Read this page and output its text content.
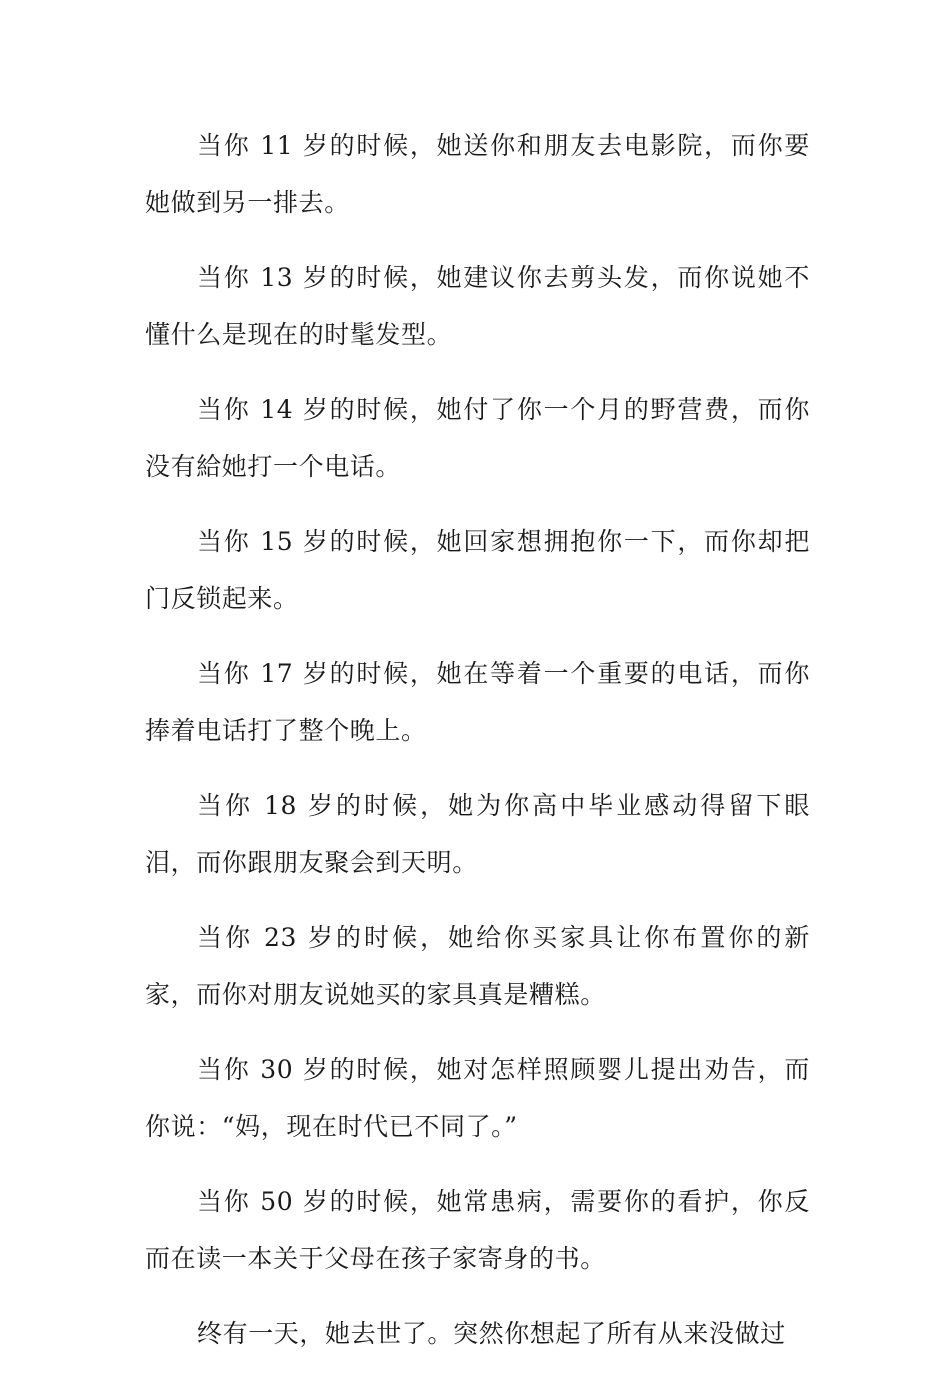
当你 11 岁的时候，她送你和朋友去电影院，而你要她做到另一排去。

当你 13 岁的时候，她建议你去剪头发，而你说她不懂什么是现在的时髦发型。

当你 14 岁的时候，她付了你一个月的野营费，而你没有給她打一个电话。

当你 15 岁的时候，她回家想拥抱你一下，而你却把门反锁起来。

当你 17 岁的时候，她在等着一个重要的电话，而你捧着电话打了整个晚上。

当你 18 岁的时候，她为你高中毕业感动得留下眼泪，而你跟朋友聚会到天明。

当你 23 岁的时候，她给你买家具让你布置你的新家，而你对朋友说她买的家具真是糟糕。

当你 30 岁的时候，她对怎样照顾婴儿提出劝告，而你说：“妈，现在时代已不同了。”

当你 50 岁的时候，她常患病，需要你的看护，你反而在读一本关于父母在孩子家寄身的书。

终有一天，她去世了。突然你想起了所有从来没做过
